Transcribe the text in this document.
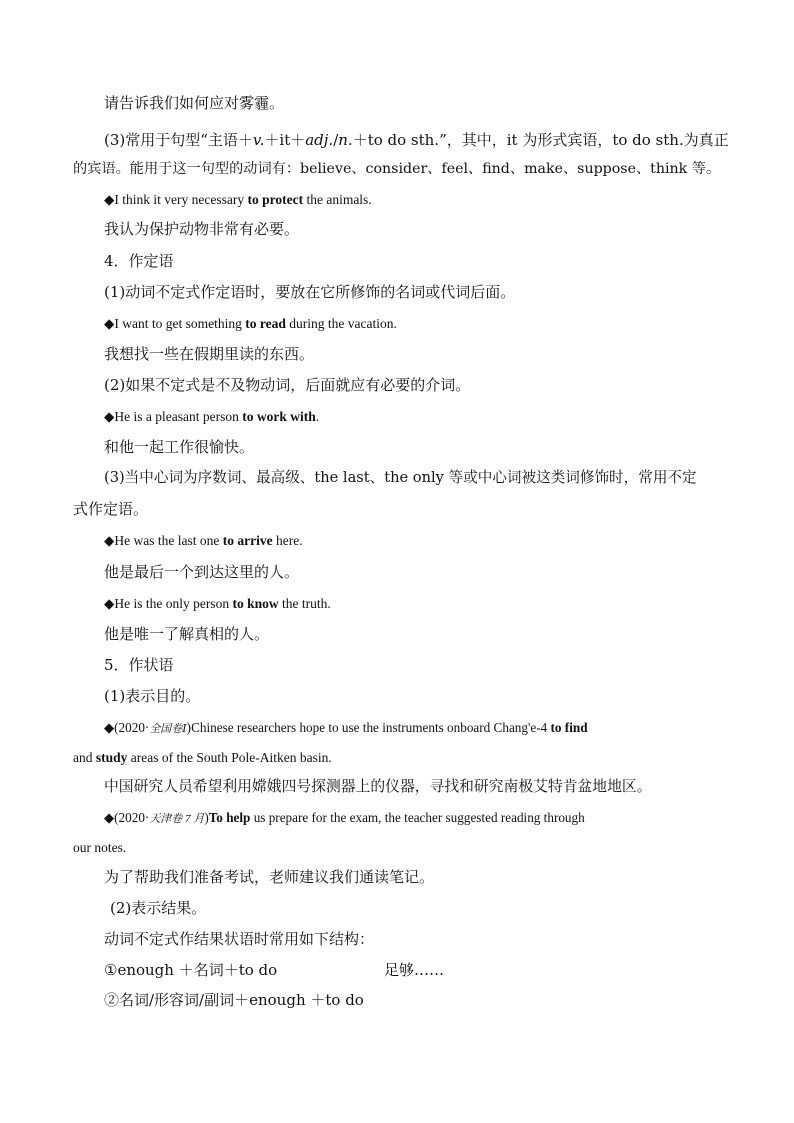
请告诉我们如何应对雾霾。
(3)常用于句型“主语＋v.＋it＋adj./n.＋to do sth.”，其中，it 为形式宾语，to do sth.为真正
的宾语。能用于这一句型的动词有：believe、consider、feel、find、make、suppose、think 等。
◆I think it very necessary to protect the animals.
我认为保护动物非常有必要。
4．作定语
(1)动词不定式作定语时，要放在它所修饰的名词或代词后面。
◆I want to get something to read during the vacation.
我想找一些在假期里读的东西。
(2)如果不定式是不及物动词，后面就应有必要的介词。
◆He is a pleasant person to work with.
和他一起工作很愉快。
(3)当中心词为序数词、最高级、the last、the only 等或中心词被这类词修饰时，常用不定
式作定语。
◆He was the last one to arrive here.
他是最后一个到达这里的人。
◆He is the only person to know the truth.
他是唯一了解真相的人。
5．作状语
(1)表示目的。
◆(2020·全国卷Ⅰ)Chinese researchers hope to use the instruments onboard Chang'e-4 to find
and study areas of the South Pole-Aitken basin.
中国研究人员希望利用嫦娥四号探测器上的仪器，寻找和研究南极艾特肯盆地地区。
◆(2020·天津卷 7 月)To help us prepare for the exam, the teacher suggested reading through
our notes.
为了帮助我们准备考试，老师建议我们通读笔记。
(2)表示结果。
动词不定式作结果状语时常用如下结构：
①enough ＋名词＋to do	足够……
②名词/形容词/副词＋enough ＋to do
